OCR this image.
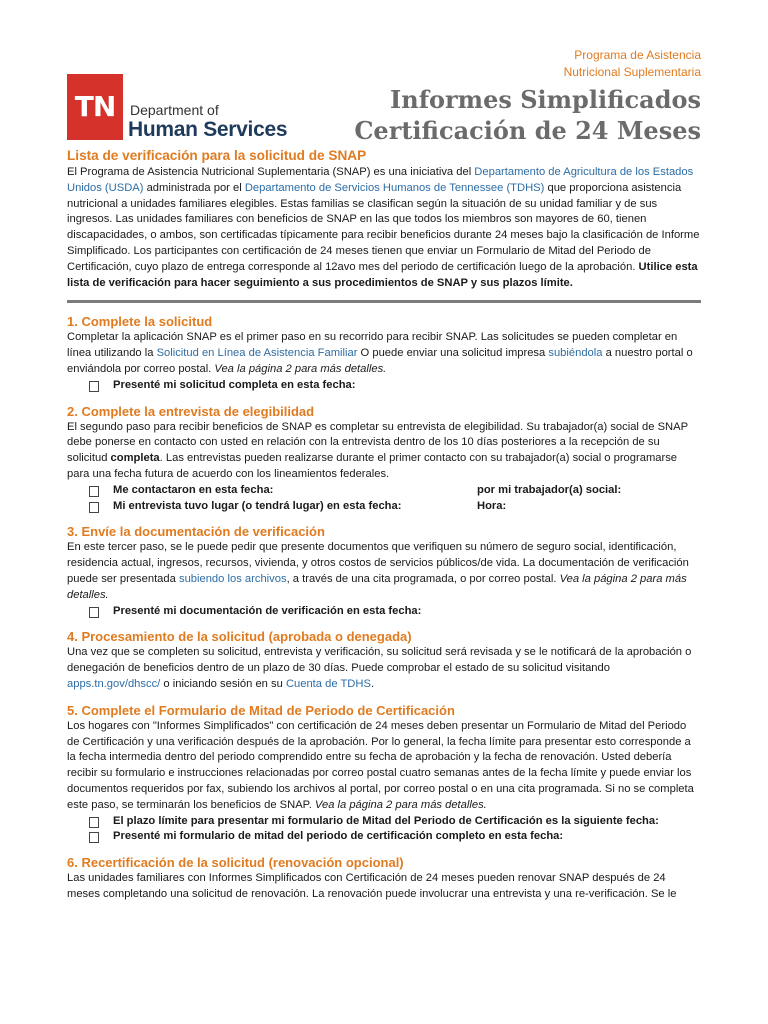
Programa de Asistencia
Nutricional Suplementaria
TN	Department of
Human Services
Informes Simplificados
Certificación de 24 Meses
Lista de verificación para la solicitud de SNAP

El Programa de Asistencia Nutricional Suplementaria (SNAP) es una iniciativa del Departamento de Agricultura de los Estados Unidos (USDA) administrada por el Departamento de Servicios Humanos de Tennessee (TDHS) que proporciona asistencia nutricional a unidades familiares elegibles. Estas familias se clasifican según la situación de su unidad familiar y de sus ingresos. Las unidades familiares con beneficios de SNAP en las que todos los miembros son mayores de 60, tienen discapacidades, o ambos, son certificadas típicamente para recibir beneficios durante 24 meses bajo la clasificación de Informe Simplificado. Los participantes con certificación de 24 meses tienen que enviar un Formulario de Mitad del Periodo de Certificación, cuyo plazo de entrega corresponde al 12avo mes del periodo de certificación luego de la aprobación. Utilice esta lista de verificación para hacer seguimiento a sus procedimientos de SNAP y sus plazos límite.

1. Complete la solicitud

Completar la aplicación SNAP es el primer paso en su recorrido para recibir SNAP. Las solicitudes se pueden completar en línea utilizando la Solicitud en Línea de Asistencia Familiar O puede enviar una solicitud impresa subiéndola a nuestro portal o enviándola por correo postal. Vea la página 2 para más detalles.

Presenté mi solicitud completa en esta fecha:
2. Complete la entrevista de elegibilidad

El segundo paso para recibir beneficios de SNAP es completar su entrevista de elegibilidad. Su trabajador(a) social de SNAP debe ponerse en contacto con usted en relación con la entrevista dentro de los 10 días posteriores a la recepción de su solicitud completa. Las entrevistas pueden realizarse durante el primer contacto con su trabajador(a) social o programarse para una fecha futura de acuerdo con los lineamientos federales.

Me contactaron en esta fecha:	por mi trabajador(a) social:
Mi entrevista tuvo lugar (o tendrá lugar) en esta fecha:	Hora:
3. Envíe la documentación de verificación

En este tercer paso, se le puede pedir que presente documentos que verifiquen su número de seguro social, identificación, residencia actual, ingresos, recursos, vivienda, y otros costos de servicios públicos/de vida. La documentación de verificación puede ser presentada subiendo los archivos, a través de una cita programada, o por correo postal. Vea la página 2 para más detalles.

Presenté mi documentación de verificación en esta fecha:
4. Procesamiento de la solicitud (aprobada o denegada)

Una vez que se completen su solicitud, entrevista y verificación, su solicitud será revisada y se le notificará de la aprobación o denegación de beneficios dentro de un plazo de 30 días. Puede comprobar el estado de su solicitud visitando apps.tn.gov/dhscc/ o iniciando sesión en su Cuenta de TDHS.

5. Complete el Formulario de Mitad de Periodo de Certificación

Los hogares con "Informes Simplificados" con certificación de 24 meses deben presentar un Formulario de Mitad del Periodo de Certificación y una verificación después de la aprobación. Por lo general, la fecha límite para presentar esto corresponde a la fecha intermedia dentro del periodo comprendido entre su fecha de aprobación y la fecha de renovación. Usted debería recibir su formulario e instrucciones relacionadas por correo postal cuatro semanas antes de la fecha límite y puede enviar los documentos requeridos por fax, subiendo los archivos al portal, por correo postal o en una cita programada. Si no se completa este paso, se terminarán los beneficios de SNAP. Vea la página 2 para más detalles.

El plazo límite para presentar mi formulario de Mitad del Periodo de Certificación es la siguiente fecha:
Presenté mi formulario de mitad del periodo de certificación completo en esta fecha:
6. Recertificación de la solicitud (renovación opcional)

Las unidades familiares con Informes Simplificados con Certificación de 24 meses pueden renovar SNAP después de 24 meses completando una solicitud de renovación. La renovación puede involucrar una entrevista y una re-verificación. Se le
